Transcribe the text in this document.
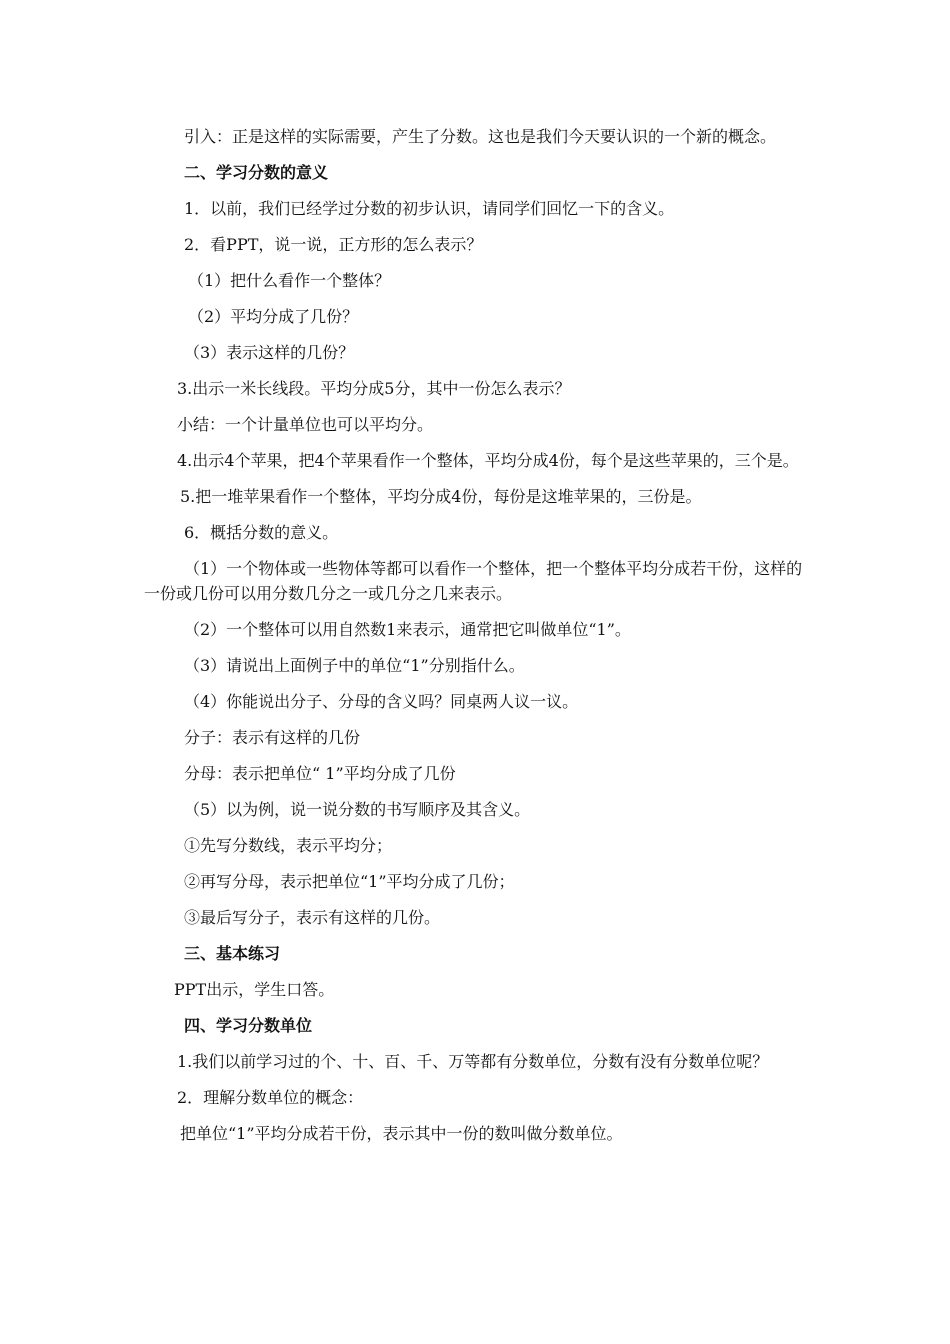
引入：正是这样的实际需要，产生了分数。这也是我们今天要认识的一个新的概念。

二、学习分数的意义

1．以前，我们已经学过分数的初步认识，请同学们回忆一下的含义。

2．看PPT，说一说，正方形的怎么表示？

（1）把什么看作一个整体？

（2）平均分成了几份？

（3）表示这样的几份？

3.出示一米长线段。平均分成5分，其中一份怎么表示？

小结：一个计量单位也可以平均分。

4.出示4个苹果，把4个苹果看作一个整体，平均分成4份，每个是这些苹果的，三个是。

5.把一堆苹果看作一个整体，平均分成4份，每份是这堆苹果的，三份是。

6．概括分数的意义。

（1）一个物体或一些物体等都可以看作一个整体，把一个整体平均分成若干份，这样的一份或几份可以用分数几分之一或几分之几来表示。

（2）一个整体可以用自然数1来表示，通常把它叫做单位“1”。

（3）请说出上面例子中的单位“1”分别指什么。

（4）你能说出分子、分母的含义吗？同桌两人议一议。

分子：表示有这样的几份

分母：表示把单位“ 1”平均分成了几份

（5）以为例，说一说分数的书写顺序及其含义。

①先写分数线，表示平均分；

②再写分母，表示把单位“1”平均分成了几份；

③最后写分子，表示有这样的几份。

三、基本练习

PPT出示，学生口答。

四、学习分数单位

1.我们以前学习过的个、十、百、千、万等都有分数单位，分数有没有分数单位呢？

2．理解分数单位的概念：

把单位“1”平均分成若干份，表示其中一份的数叫做分数单位。
